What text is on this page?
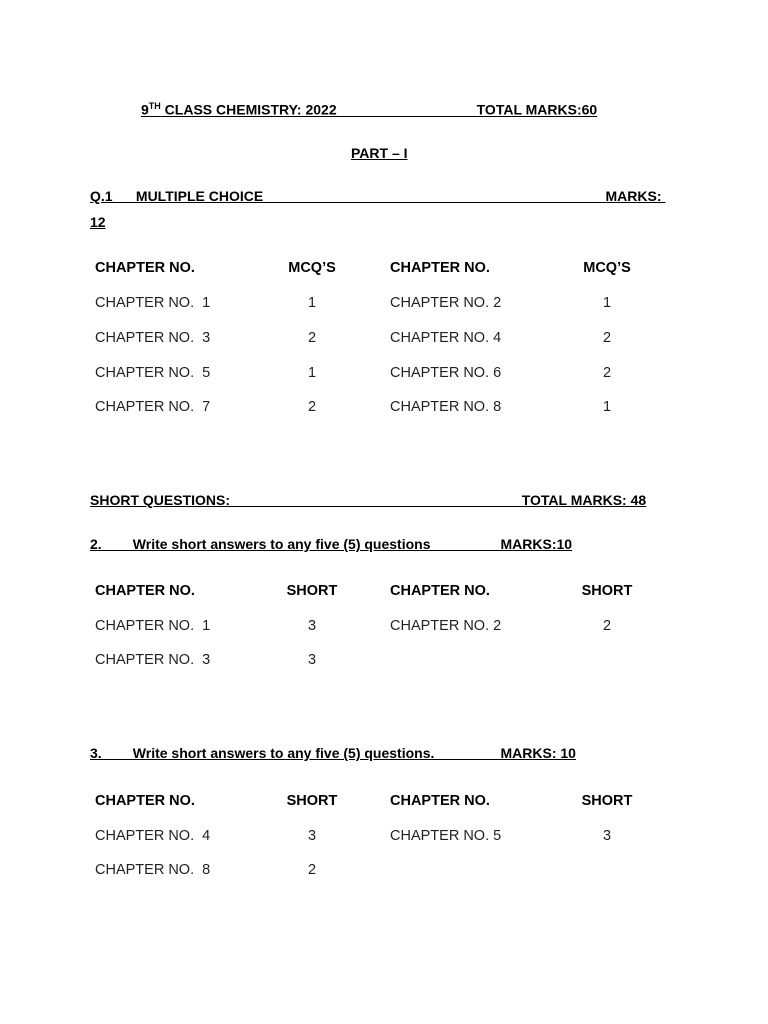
9TH CLASS CHEMISTRY: 2022                                    TOTAL MARKS:60
PART – I
Q.1      MULTIPLE CHOICE                                                                                        MARKS:
12
CHAPTER NO.	MCQ’S	CHAPTER NO.	MCQ’S
CHAPTER NO.  1	1	CHAPTER NO. 2	1
CHAPTER NO.  3	2	CHAPTER NO. 4	2
CHAPTER NO.  5	1	CHAPTER NO. 6	2
CHAPTER NO.  7	2	CHAPTER NO. 8	1
SHORT QUESTIONS:                                                                           TOTAL MARKS: 48
2.        Write short answers to any five (5) questions                  MARKS:10
CHAPTER NO.	SHORT	CHAPTER NO.	SHORT
CHAPTER NO.  1	3	CHAPTER NO. 2	2
CHAPTER NO.  3	3
3.        Write short answers to any five (5) questions.                 MARKS: 10
CHAPTER NO.	SHORT	CHAPTER NO.	SHORT
CHAPTER NO.  4	3	CHAPTER NO. 5	3
CHAPTER NO.  8	2
